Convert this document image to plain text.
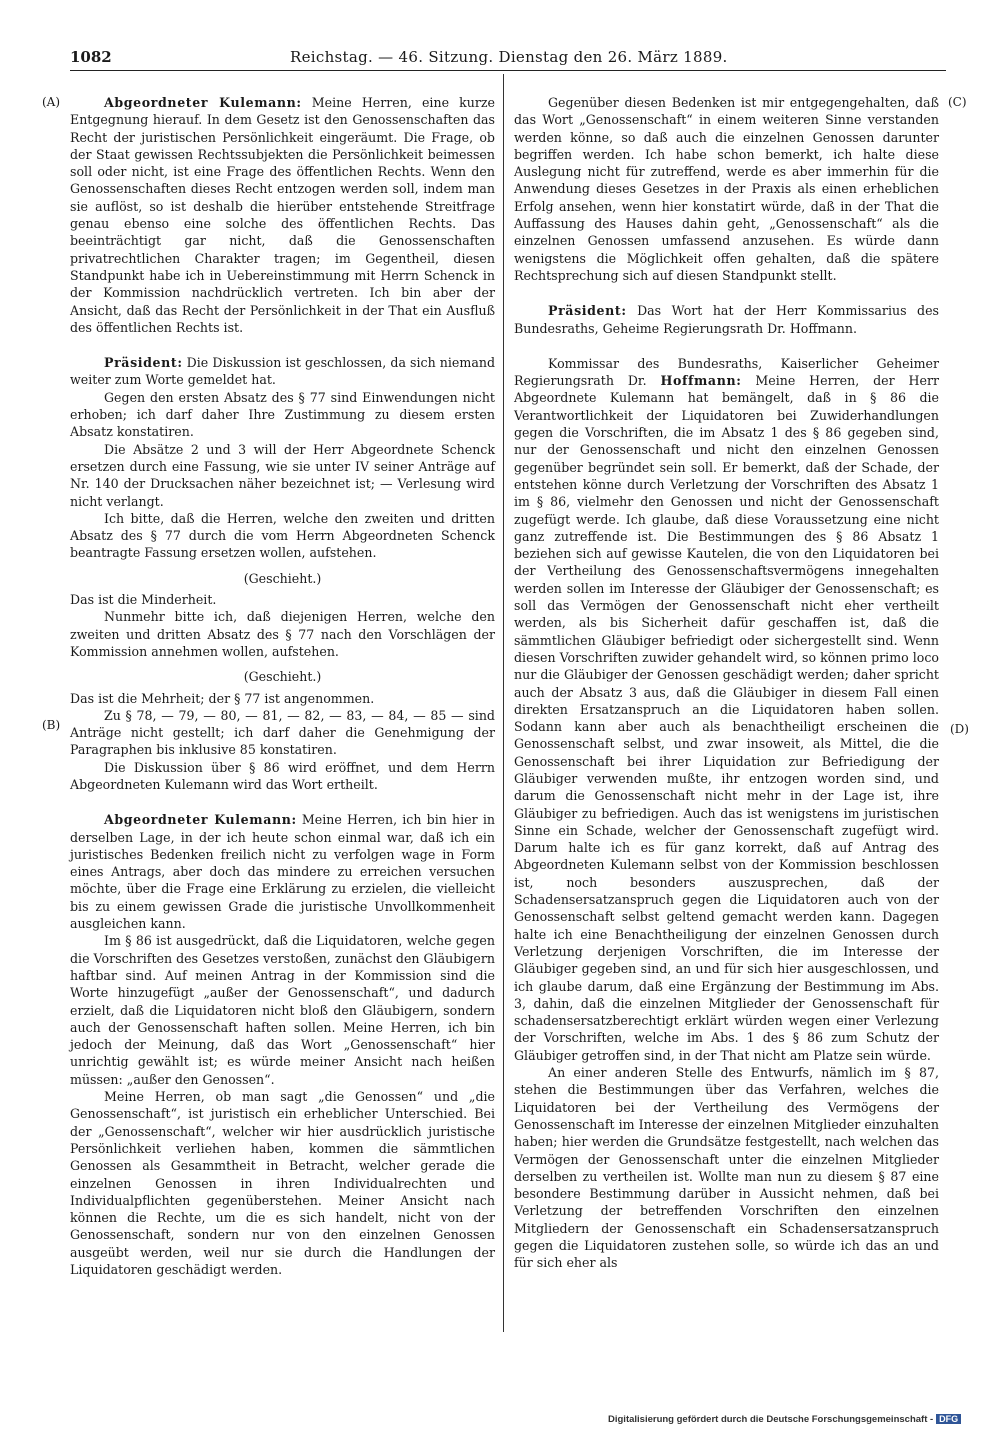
1082	Reichstag. — 46. Sitzung. Dienstag den 26. März 1889.
(A)
(B)
(C)
(D)

Abgeordneter Kulemann: Meine Herren, eine kurze Entgegnung hierauf. In dem Gesetz ist den Genossenschaften das Recht der juristischen Persönlichkeit eingeräumt. Die Frage, ob der Staat gewissen Rechtssubjekten die Persönlichkeit beimessen soll oder nicht, ist eine Frage des öffentlichen Rechts. Wenn den Genossenschaften dieses Recht entzogen werden soll, indem man sie auflöst, so ist deshalb die hierüber entstehende Streitfrage genau ebenso eine solche des öffentlichen Rechts. Das beeinträchtigt gar nicht, daß die Genossenschaften privatrechtlichen Charakter tragen; im Gegentheil, diesen Standpunkt habe ich in Uebereinstimmung mit Herrn Schenck in der Kommission nachdrücklich vertreten. Ich bin aber der Ansicht, daß das Recht der Persönlichkeit in der That ein Ausfluß des öffentlichen Rechts ist.

Präsident: Die Diskussion ist geschlossen, da sich niemand weiter zum Worte gemeldet hat.

Gegen den ersten Absatz des § 77 sind Einwendungen nicht erhoben; ich darf daher Ihre Zustimmung zu diesem ersten Absatz konstatiren.

Die Absätze 2 und 3 will der Herr Abgeordnete Schenck ersetzen durch eine Fassung, wie sie unter IV seiner Anträge auf Nr. 140 der Drucksachen näher bezeichnet ist; — Verlesung wird nicht verlangt.

Ich bitte, daß die Herren, welche den zweiten und dritten Absatz des § 77 durch die vom Herrn Abgeordneten Schenck beantragte Fassung ersetzen wollen, aufstehen.

(Geschieht.)

Das ist die Minderheit.

Nunmehr bitte ich, daß diejenigen Herren, welche den zweiten und dritten Absatz des § 77 nach den Vorschlägen der Kommission annehmen wollen, aufstehen.

(Geschieht.)

Das ist die Mehrheit; der § 77 ist angenommen.

Zu § 78, — 79, — 80, — 81, — 82, — 83, — 84, — 85 — sind Anträge nicht gestellt; ich darf daher die Genehmigung der Paragraphen bis inklusive 85 konstatiren.

Die Diskussion über § 86 wird eröffnet, und dem Herrn Abgeordneten Kulemann wird das Wort ertheilt.

Abgeordneter Kulemann: Meine Herren, ich bin hier in derselben Lage, in der ich heute schon einmal war, daß ich ein juristisches Bedenken freilich nicht zu verfolgen wage in Form eines Antrags, aber doch das mindere zu erreichen versuchen möchte, über die Frage eine Erklärung zu erzielen, die vielleicht bis zu einem gewissen Grade die juristische Unvollkommenheit ausgleichen kann.

Im § 86 ist ausgedrückt, daß die Liquidatoren, welche gegen die Vorschriften des Gesetzes verstoßen, zunächst den Gläubigern haftbar sind. Auf meinen Antrag in der Kommission sind die Worte hinzugefügt „außer der Genossenschaft“, und dadurch erzielt, daß die Liquidatoren nicht bloß den Gläubigern, sondern auch der Genossenschaft haften sollen. Meine Herren, ich bin jedoch der Meinung, daß das Wort „Genossenschaft“ hier unrichtig gewählt ist; es würde meiner Ansicht nach heißen müssen: „außer den Genossen“.

Meine Herren, ob man sagt „die Genossen“ und „die Genossenschaft“, ist juristisch ein erheblicher Unterschied. Bei der „Genossenschaft“, welcher wir hier ausdrücklich juristische Persönlichkeit verliehen haben, kommen die sämmtlichen Genossen als Gesammtheit in Betracht, welcher gerade die einzelnen Genossen in ihren Individualrechten und Individualpflichten gegenüberstehen. Meiner Ansicht nach können die Rechte, um die es sich handelt, nicht von der Genossenschaft, sondern nur von den einzelnen Genossen ausgeübt werden, weil nur sie durch die Handlungen der Liquidatoren geschädigt werden.

Gegenüber diesen Bedenken ist mir entgegengehalten, daß das Wort „Genossenschaft“ in einem weiteren Sinne verstanden werden könne, so daß auch die einzelnen Genossen darunter begriffen werden. Ich habe schon bemerkt, ich halte diese Auslegung nicht für zutreffend, werde es aber immerhin für die Anwendung dieses Gesetzes in der Praxis als einen erheblichen Erfolg ansehen, wenn hier konstatirt würde, daß in der That die Auffassung des Hauses dahin geht, „Genossenschaft“ als die einzelnen Genossen umfassend anzusehen. Es würde dann wenigstens die Möglichkeit offen gehalten, daß die spätere Rechtsprechung sich auf diesen Standpunkt stellt.

Präsident: Das Wort hat der Herr Kommissarius des Bundesraths, Geheime Regierungsrath Dr. Hoffmann.

Kommissar des Bundesraths, Kaiserlicher Geheimer Regierungsrath Dr. Hoffmann: Meine Herren, der Herr Abgeordnete Kulemann hat bemängelt, daß in § 86 die Verantwortlichkeit der Liquidatoren bei Zuwiderhandlungen gegen die Vorschriften, die im Absatz 1 des § 86 gegeben sind, nur der Genossenschaft und nicht den einzelnen Genossen gegenüber begründet sein soll. Er bemerkt, daß der Schade, der entstehen könne durch Verletzung der Vorschriften des Absatz 1 im § 86, vielmehr den Genossen und nicht der Genossenschaft zugefügt werde. Ich glaube, daß diese Voraussetzung eine nicht ganz zutreffende ist. Die Bestimmungen des § 86 Absatz 1 beziehen sich auf gewisse Kautelen, die von den Liquidatoren bei der Vertheilung des Genossenschaftsvermögens innegehalten werden sollen im Interesse der Gläubiger der Genossenschaft; es soll das Vermögen der Genossenschaft nicht eher vertheilt werden, als bis Sicherheit dafür geschaffen ist, daß die sämmtlichen Gläubiger befriedigt oder sichergestellt sind. Wenn diesen Vorschriften zuwider gehandelt wird, so können primo loco nur die Gläubiger der Genossen geschädigt werden; daher spricht auch der Absatz 3 aus, daß die Gläubiger in diesem Fall einen direkten Ersatzanspruch an die Liquidatoren haben sollen. Sodann kann aber auch als benachtheiligt erscheinen die Genossenschaft selbst, und zwar insoweit, als Mittel, die die Genossenschaft bei ihrer Liquidation zur Befriedigung der Gläubiger verwenden mußte, ihr entzogen worden sind, und darum die Genossenschaft nicht mehr in der Lage ist, ihre Gläubiger zu befriedigen. Auch das ist wenigstens im juristischen Sinne ein Schade, welcher der Genossenschaft zugefügt wird. Darum halte ich es für ganz korrekt, daß auf Antrag des Abgeordneten Kulemann selbst von der Kommission beschlossen ist, noch besonders auszusprechen, daß der Schadensersatzanspruch gegen die Liquidatoren auch von der Genossenschaft selbst geltend gemacht werden kann. Dagegen halte ich eine Benachtheiligung der einzelnen Genossen durch Verletzung derjenigen Vorschriften, die im Interesse der Gläubiger gegeben sind, an und für sich hier ausgeschlossen, und ich glaube darum, daß eine Ergänzung der Bestimmung im Abs. 3, dahin, daß die einzelnen Mitglieder der Genossenschaft für schadensersatzberechtigt erklärt würden wegen einer Verlezung der Vorschriften, welche im Abs. 1 des § 86 zum Schutz der Gläubiger getroffen sind, in der That nicht am Platze sein würde.

An einer anderen Stelle des Entwurfs, nämlich im § 87, stehen die Bestimmungen über das Verfahren, welches die Liquidatoren bei der Vertheilung des Vermögens der Genossenschaft im Interesse der einzelnen Mitglieder einzuhalten haben; hier werden die Grundsätze festgestellt, nach welchen das Vermögen der Genossenschaft unter die einzelnen Mitglieder derselben zu vertheilen ist. Wollte man nun zu diesem § 87 eine besondere Bestimmung darüber in Aussicht nehmen, daß bei Verletzung der betreffenden Vorschriften den einzelnen Mitgliedern der Genossenschaft ein Schadensersatzanspruch gegen die Liquidatoren zustehen solle, so würde ich das an und für sich eher als

Digitalisierung gefördert durch die Deutsche Forschungsgemeinschaft - DFG
